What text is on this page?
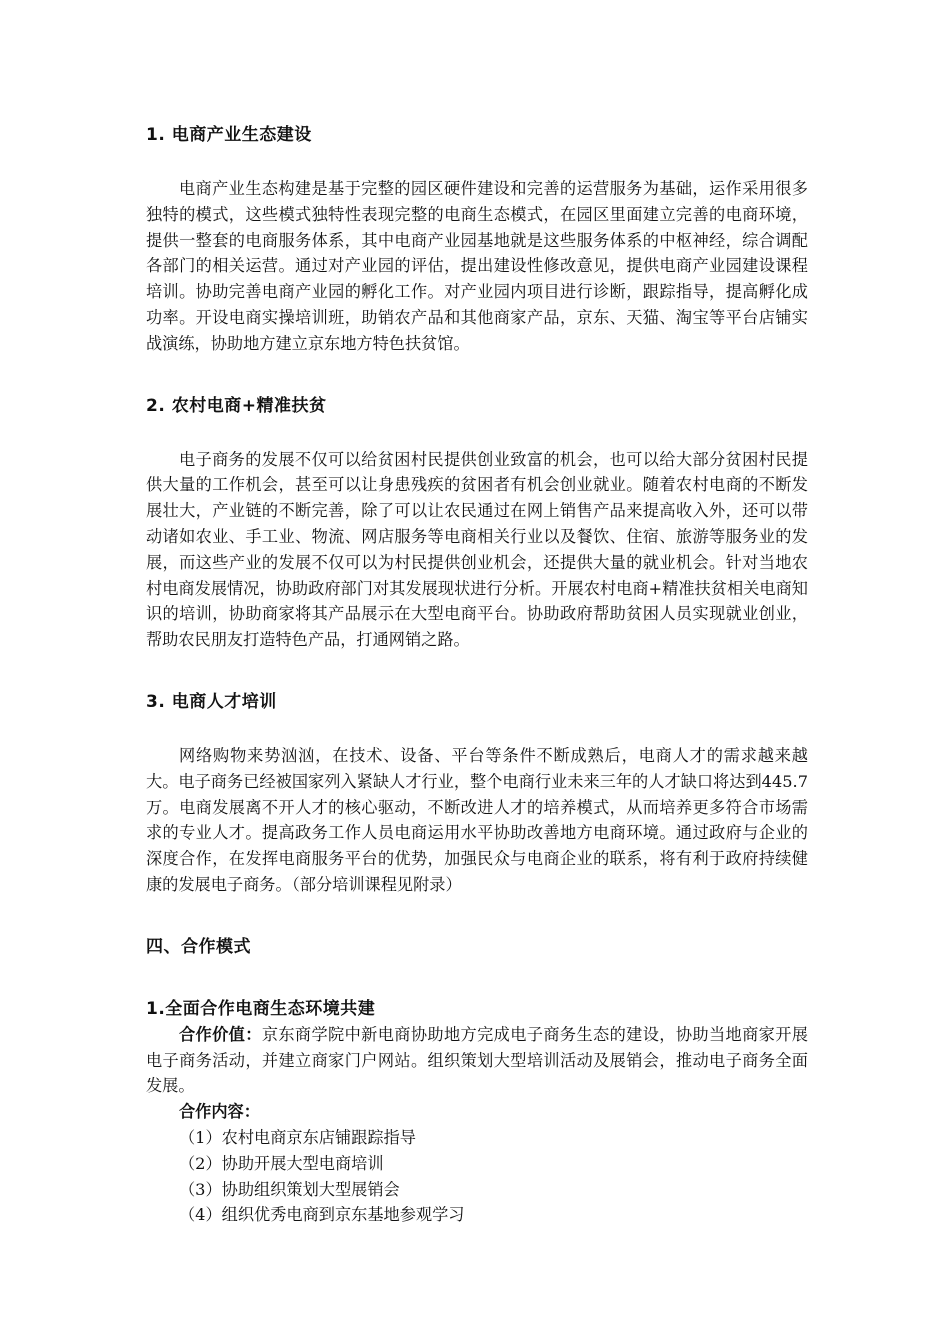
1. 电商产业生态建设

电商产业生态构建是基于完整的园区硬件建设和完善的运营服务为基础，运作采用很多独特的模式，这些模式独特性表现完整的电商生态模式，在园区里面建立完善的电商环境，提供一整套的电商服务体系，其中电商产业园基地就是这些服务体系的中枢神经，综合调配各部门的相关运营。通过对产业园的评估，提出建设性修改意见，提供电商产业园建设课程培训。协助完善电商产业园的孵化工作。对产业园内项目进行诊断，跟踪指导，提高孵化成功率。开设电商实操培训班，助销农产品和其他商家产品，京东、天猫、淘宝等平台店铺实战演练，协助地方建立京东地方特色扶贫馆。

2. 农村电商+精准扶贫

电子商务的发展不仅可以给贫困村民提供创业致富的机会，也可以给大部分贫困村民提供大量的工作机会，甚至可以让身患残疾的贫困者有机会创业就业。随着农村电商的不断发展壮大，产业链的不断完善，除了可以让农民通过在网上销售产品来提高收入外，还可以带动诸如农业、手工业、物流、网店服务等电商相关行业以及餐饮、住宿、旅游等服务业的发展，而这些产业的发展不仅可以为村民提供创业机会，还提供大量的就业机会。针对当地农村电商发展情况，协助政府部门对其发展现状进行分析。开展农村电商+精准扶贫相关电商知识的培训，协助商家将其产品展示在大型电商平台。协助政府帮助贫困人员实现就业创业，帮助农民朋友打造特色产品，打通网销之路。

3. 电商人才培训

网络购物来势汹汹，在技术、设备、平台等条件不断成熟后，电商人才的需求越来越大。电子商务已经被国家列入紧缺人才行业，整个电商行业未来三年的人才缺口将达到445.7万。电商发展离不开人才的核心驱动，不断改进人才的培养模式，从而培养更多符合市场需求的专业人才。提高政务工作人员电商运用水平协助改善地方电商环境。通过政府与企业的深度合作，在发挥电商服务平台的优势，加强民众与电商企业的联系，将有利于政府持续健康的发展电子商务。（部分培训课程见附录）

四、合作模式
1.全面合作电商生态环境共建

合作价值：京东商学院中新电商协助地方完成电子商务生态的建设，协助当地商家开展电子商务活动，并建立商家门户网站。组织策划大型培训活动及展销会，推动电子商务全面发展。

合作内容：
（1）农村电商京东店铺跟踪指导
（2）协助开展大型电商培训
（3）协助组织策划大型展销会
（4）组织优秀电商到京东基地参观学习
